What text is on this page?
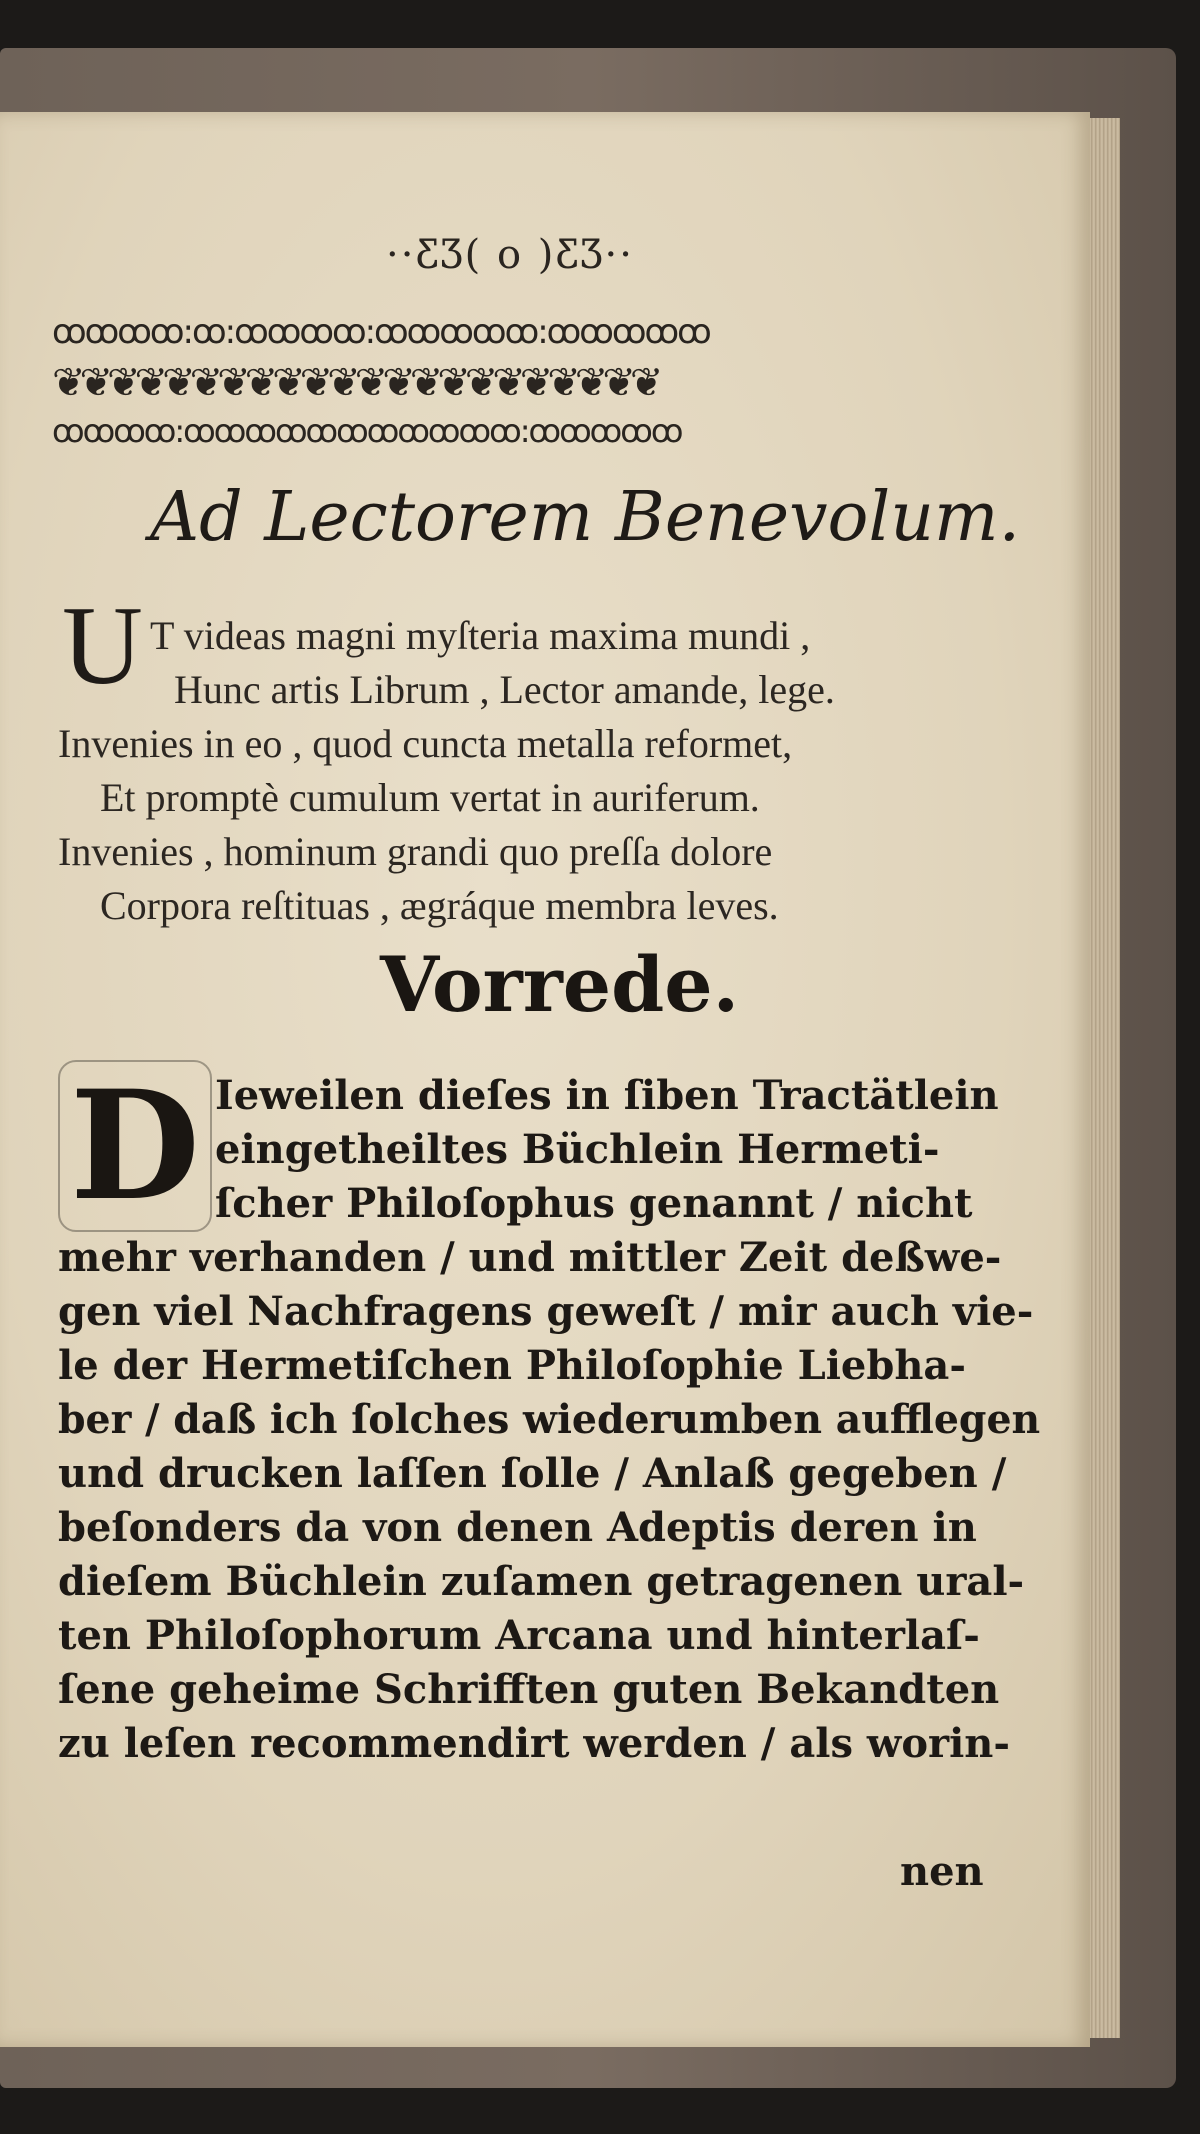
··ƸƷ( o )ƸƷ··
ꝏꝏꝏꝏ:ꝏ:ꝏꝏꝏꝏ:ꝏꝏꝏꝏꝏ:ꝏꝏꝏꝏꝏ
❦❦❦❦❦❦❦❦❦❦❦❦❦❦❦❦❦❦❦❦❦❦
ꝏꝏꝏꝏ:ꝏꝏꝏꝏꝏꝏꝏꝏꝏꝏꝏ:ꝏꝏꝏꝏꝏ
Ad Lectorem Benevolum.
U T videas magni myſteria maxima mundi ,
Hunc artis Librum , Lector amande, lege.
Invenies in eo , quod cuncta metalla reformet,
Et promptè cumulum vertat in auriferum.
Invenies , hominum grandi quo preſſa dolore
Corpora reſtituas , ægráque membra leves.
Vorrede.
D Ieweilen dieſes in ſiben Tractätlein
eingetheiltes Büchlein Hermeti-
ſcher Philoſophus genannt / nicht
mehr verhanden / und mittler Zeit deßwe-
gen viel Nachfragens geweſt / mir auch vie-
le der Hermetiſchen Philoſophie Liebha-
ber / daß ich ſolches wiederumben aufflegen
und drucken laſſen ſolle / Anlaß gegeben /
beſonders da von denen Adeptis deren in
dieſem Büchlein zuſamen getragenen ural-
ten Philoſophorum Arcana und hinterlaſ-
ſene geheime Schrifften guten Bekandten
zu leſen recommendirt werden / als worin-
nen
